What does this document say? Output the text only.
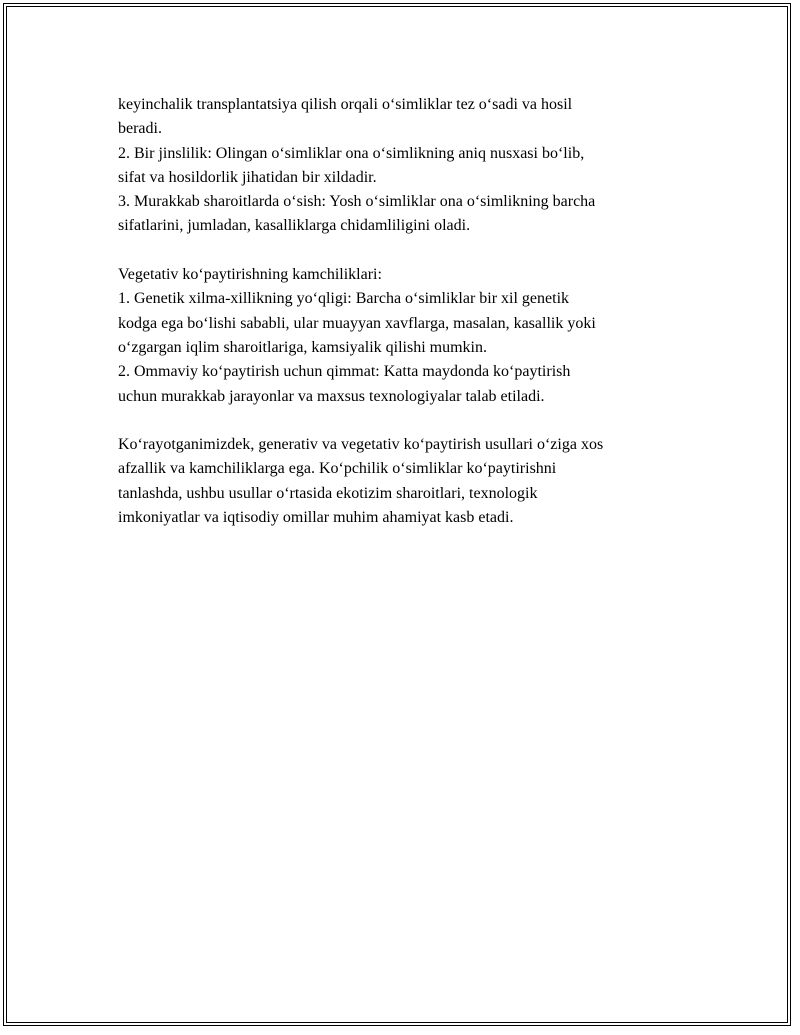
keyinchalik transplantatsiya qilish orqali o‘simliklar tez o‘sadi va hosil

beradi.

2. Bir jinslilik: Olingan o‘simliklar ona o‘simlikning aniq nusxasi bo‘lib,

sifat va hosildorlik jihatidan bir xildadir.

3. Murakkab sharoitlarda o‘sish: Yosh o‘simliklar ona o‘simlikning barcha

sifatlarini, jumladan, kasalliklarga chidamliligini oladi.

Vegetativ ko‘paytirishning kamchiliklari:

1. Genetik xilma-xillikning yo‘qligi: Barcha o‘simliklar bir xil genetik

kodga ega bo‘lishi sababli, ular muayyan xavflarga, masalan, kasallik yoki

o‘zgargan iqlim sharoitlariga, kamsiyalik qilishi mumkin.

2. Ommaviy ko‘paytirish uchun qimmat: Katta maydonda ko‘paytirish

uchun murakkab jarayonlar va maxsus texnologiyalar talab etiladi.

Ko‘rayotganimizdek, generativ va vegetativ ko‘paytirish usullari o‘ziga xos

afzallik va kamchiliklarga ega. Ko‘pchilik o‘simliklar ko‘paytirishni

tanlashda, ushbu usullar o‘rtasida ekotizim sharoitlari, texnologik

imkoniyatlar va iqtisodiy omillar muhim ahamiyat kasb etadi.
